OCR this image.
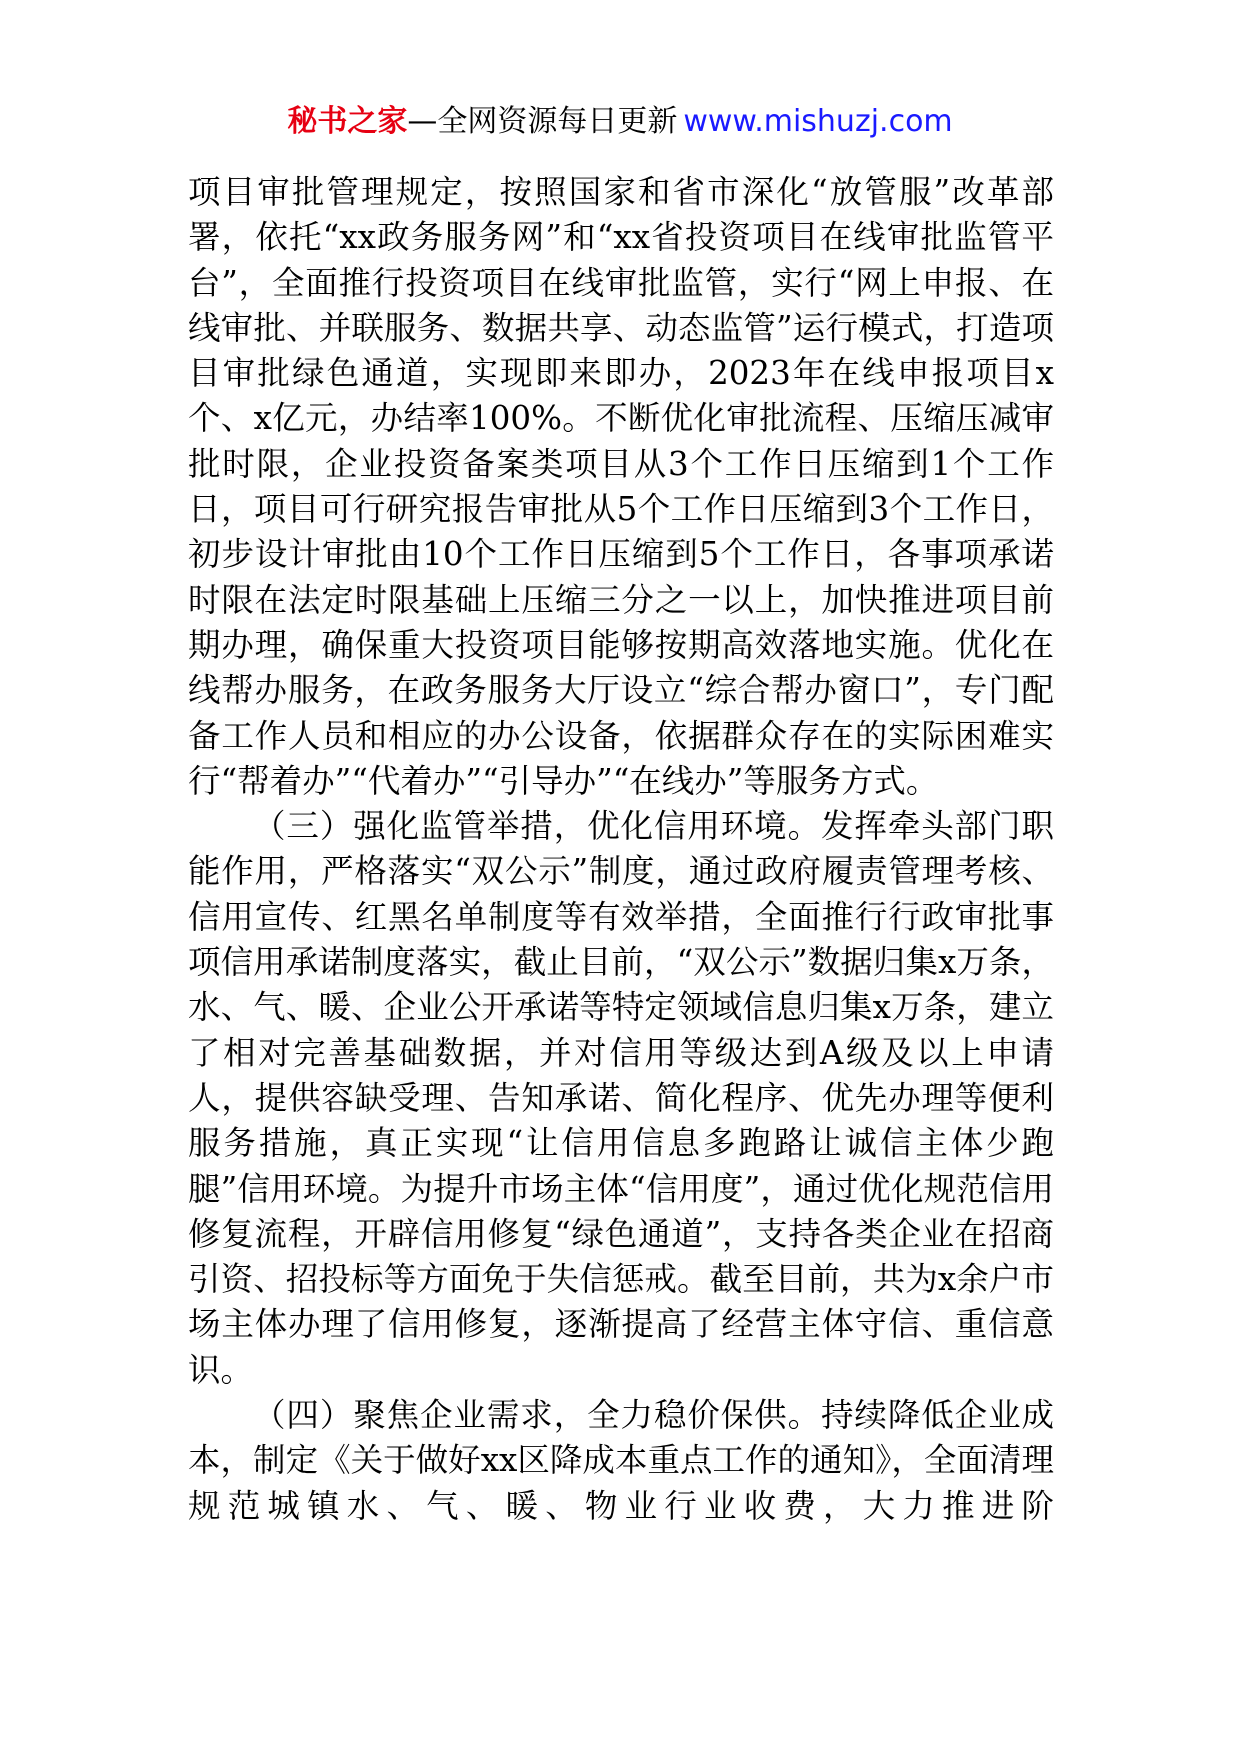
秘书之家—全网资源每日更新 www.mishuzj.com

项目审批管理规定，按照国家和省市深化“放管服”改革部署，依托“xx政务服务网”和“xx省投资项目在线审批监管平台”，全面推行投资项目在线审批监管，实行“网上申报、在线审批、并联服务、数据共享、动态监管”运行模式，打造项目审批绿色通道，实现即来即办，2023年在线申报项目x个、x亿元，办结率100%。不断优化审批流程、压缩压减审批时限，企业投资备案类项目从3个工作日压缩到1个工作日，项目可行研究报告审批从5个工作日压缩到3个工作日，初步设计审批由10个工作日压缩到5个工作日，各事项承诺时限在法定时限基础上压缩三分之一以上，加快推进项目前期办理，确保重大投资项目能够按期高效落地实施。优化在线帮办服务，在政务服务大厅设立“综合帮办窗口”，专门配备工作人员和相应的办公设备，依据群众存在的实际困难实行“帮着办”“代着办”“引导办”“在线办”等服务方式。

（三）强化监管举措，优化信用环境。发挥牵头部门职能作用，严格落实“双公示”制度，通过政府履责管理考核、信用宣传、红黑名单制度等有效举措，全面推行行政审批事项信用承诺制度落实，截止目前，“双公示”数据归集x万条，水、气、暖、企业公开承诺等特定领域信息归集x万条，建立了相对完善基础数据，并对信用等级达到A级及以上申请人，提供容缺受理、告知承诺、简化程序、优先办理等便利服务措施，真正实现“让信用信息多跑路让诚信主体少跑腿”信用环境。为提升市场主体“信用度”，通过优化规范信用修复流程，开辟信用修复“绿色通道”，支持各类企业在招商引资、招投标等方面免于失信惩戒。截至目前，共为x余户市场主体办理了信用修复，逐渐提高了经营主体守信、重信意识。

（四）聚焦企业需求，全力稳价保供。持续降低企业成本，制定《关于做好xx区降成本重点工作的通知》，全面清理规范城镇水、气、暖、物业行业收费，大力推进阶
